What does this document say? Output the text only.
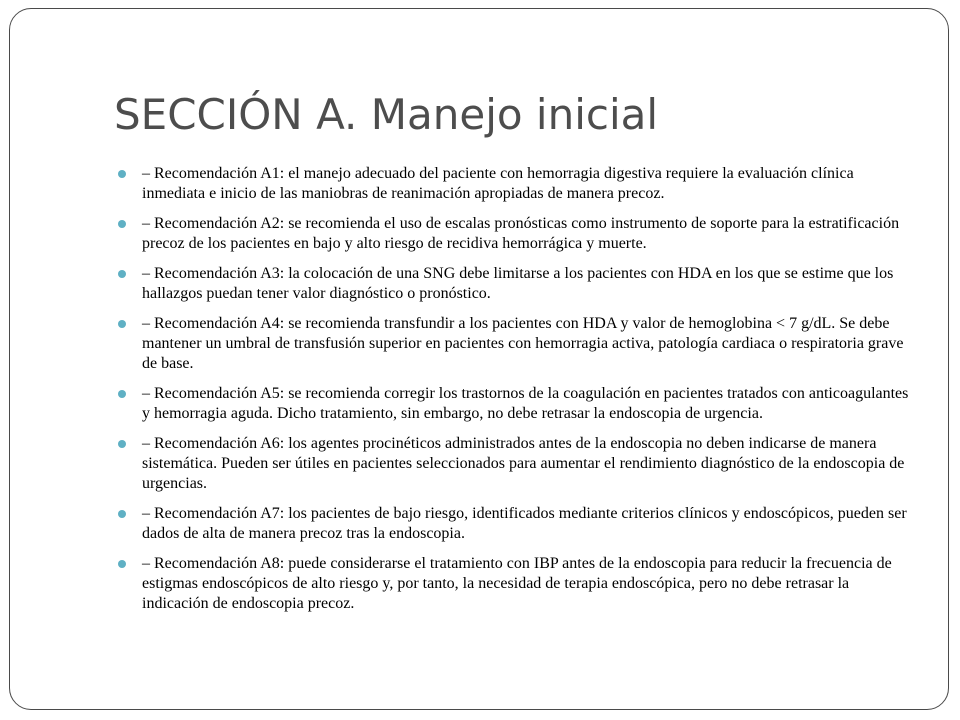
SECCIÓN A. Manejo inicial
– Recomendación A1: el manejo adecuado del paciente con hemorragia digestiva requiere la evaluación clínica inmediata e inicio de las maniobras de reanimación apropiadas de manera precoz.
– Recomendación A2: se recomienda el uso de escalas pronósticas como instrumento de soporte para la estratificación precoz de los pacientes en bajo y alto riesgo de recidiva hemorrágica y muerte.
– Recomendación A3: la colocación de una SNG debe limitarse a los pacientes con HDA en los que se estime que los hallazgos puedan tener valor diagnóstico o pronóstico.
– Recomendación A4: se recomienda transfundir a los pacientes con HDA y valor de hemoglobina < 7 g/dL. Se debe mantener un umbral de transfusión superior en pacientes con hemorragia activa, patología cardiaca o respiratoria grave de base.
– Recomendación A5: se recomienda corregir los trastornos de la coagulación en pacientes tratados con anticoagulantes y hemorragia aguda. Dicho tratamiento, sin embargo, no debe retrasar la endoscopia de urgencia.
– Recomendación A6: los agentes procinéticos administrados antes de la endoscopia no deben indicarse de manera sistemática. Pueden ser útiles en pacientes seleccionados para aumentar el rendimiento diagnóstico de la endoscopia de urgencias.
– Recomendación A7: los pacientes de bajo riesgo, identificados mediante criterios clínicos y endoscópicos, pueden ser dados de alta de manera precoz tras la endoscopia.
– Recomendación A8: puede considerarse el tratamiento con IBP antes de la endoscopia para reducir la frecuencia de estigmas endoscópicos de alto riesgo y, por tanto, la necesidad de terapia endoscópica, pero no debe retrasar la indicación de endoscopia precoz.
